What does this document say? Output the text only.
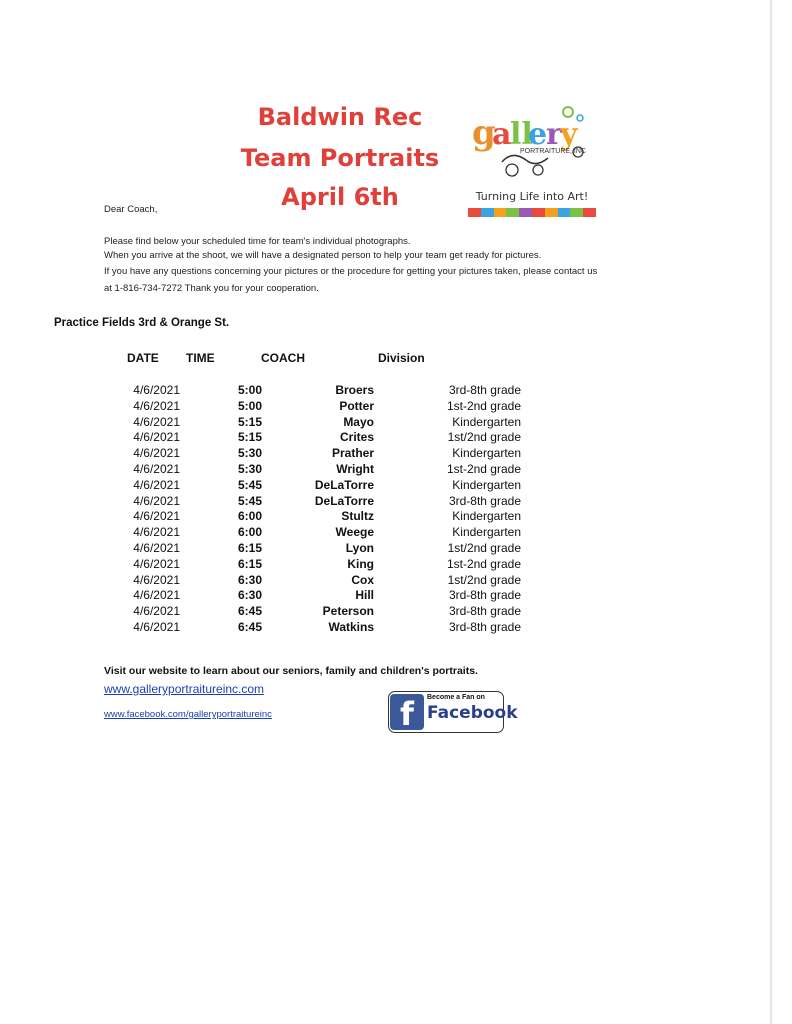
Baldwin Rec
Team Portraits
April 6th
g
a
ll
e
r
y
PORTRAITURE, INC
Turning Life into Art!
Dear Coach,
Please find below your scheduled time for team's individual photographs.
When you arrive at the shoot, we will have a designated person to help your team get ready for pictures.
If you have any questions concerning your pictures or the procedure for getting your pictures taken, please contact us
at 1-816-734-7272 Thank you for your cooperation.
Practice Fields 3rd & Orange St.
DATE TIME	COACH	Division
4/6/2021	5:00	Broers	3rd-8th grade
4/6/2021	5:00	Potter	1st-2nd grade
4/6/2021	5:15	Mayo	Kindergarten
4/6/2021	5:15	Crites	1st/2nd grade
4/6/2021	5:30	Prather	Kindergarten
4/6/2021	5:30	Wright	1st-2nd grade
4/6/2021	5:45	DeLaTorre	Kindergarten
4/6/2021	5:45	DeLaTorre	3rd-8th grade
4/6/2021	6:00	Stultz	Kindergarten
4/6/2021	6:00	Weege	Kindergarten
4/6/2021	6:15	Lyon	1st/2nd grade
4/6/2021	6:15	King	1st-2nd grade
4/6/2021	6:30	Cox	1st/2nd grade
4/6/2021	6:30	Hill	3rd-8th grade
4/6/2021	6:45	Peterson	3rd-8th grade
4/6/2021	6:45	Watkins	3rd-8th grade
Visit our website to learn about our seniors, family and children's portraits.
www.galleryportraitureinc.com
www.facebook.com/galleryportraitureinc	f	Become a Fan on
Facebook
